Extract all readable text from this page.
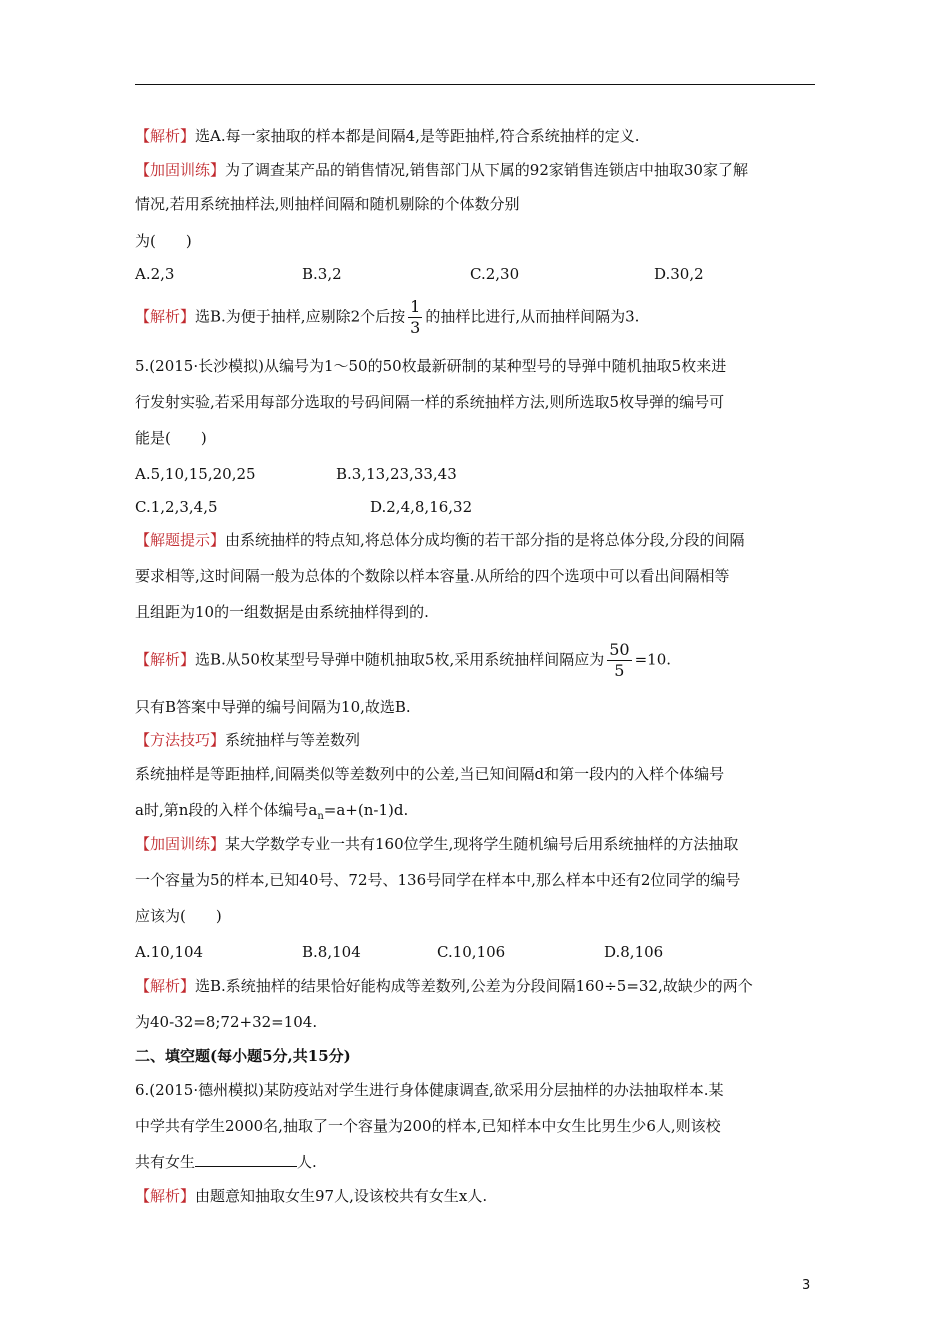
【解析】选A.每一家抽取的样本都是间隔4,是等距抽样,符合系统抽样的定义.
【加固训练】为了调查某产品的销售情况,销售部门从下属的92家销售连锁店中抽取30家了解
情况,若用系统抽样法,则抽样间隔和随机剔除的个体数分别
为(　　)
A.2,3	B.3,2	C.2,30	D.30,2
【解析】选B.为便于抽样,应剔除2个后按 $\frac{1}{3}$ 的抽样比进行,从而抽样间隔为3.
5.(2015·长沙模拟)从编号为1～50的50枚最新研制的某种型号的导弹中随机抽取5枚来进
行发射实验,若采用每部分选取的号码间隔一样的系统抽样方法,则所选取5枚导弹的编号可
能是(　　)
A.5,10,15,20,25	B.3,13,23,33,43
C.1,2,3,4,5	D.2,4,8,16,32
【解题提示】由系统抽样的特点知,将总体分成均衡的若干部分指的是将总体分段,分段的间隔
要求相等,这时间隔一般为总体的个数除以样本容量.从所给的四个选项中可以看出间隔相等
且组距为10的一组数据是由系统抽样得到的.
【解析】选B.从50枚某型号导弹中随机抽取5枚,采用系统抽样间隔应为 $\frac{50}{5} =10$.
只有B答案中导弹的编号间隔为10,故选B.
【方法技巧】系统抽样与等差数列
系统抽样是等距抽样,间隔类似等差数列中的公差,当已知间隔d和第一段内的入样个体编号
a时,第n段的入样个体编号$a_n=a+(n-1)d$.
【加固训练】某大学数学专业一共有160位学生,现将学生随机编号后用系统抽样的方法抽取
一个容量为5的样本,已知40号、72号、136号同学在样本中,那么样本中还有2位同学的编号
应该为(　　)
A.10,104	B.8,104	C.10,106	D.8,106
【解析】选B.系统抽样的结果恰好能构成等差数列,公差为分段间隔160÷5=32,故缺少的两个
为40-32=8;72+32=104.
二、填空题(每小题5分,共15分)
6.(2015·德州模拟)某防疫站对学生进行身体健康调查,欲采用分层抽样的办法抽取样本.某
中学共有学生2000名,抽取了一个容量为200的样本,已知样本中女生比男生少6人,则该校
共有女生	人.
【解析】由题意知抽取女生97人,设该校共有女生x人.
3
